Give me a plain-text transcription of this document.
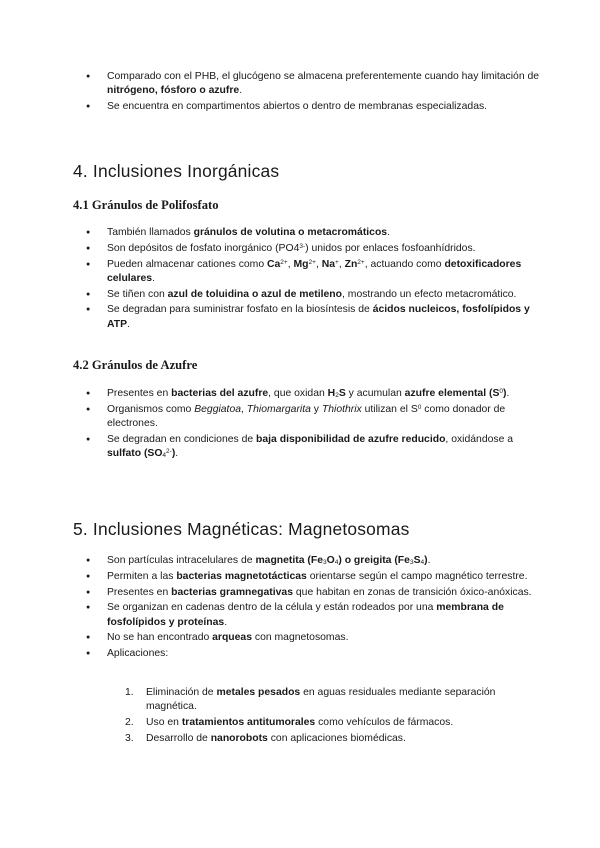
● Comparado con el PHB, el glucógeno se almacena preferentemente cuando hay limitación de nitrógeno, fósforo o azufre.
● Se encuentra en compartimentos abiertos o dentro de membranas especializadas.
4. Inclusiones Inorgánicas
4.1 Gránulos de Polifosfato
● También llamados gránulos de volutina o metacromáticos.
● Son depósitos de fosfato inorgánico $(PO4^{3-})$ unidos por enlaces fosfoanhídridos.
● Pueden almacenar cationes como $Ca^{2+}$, $Mg^{2+}$, Na+, $Zn^{2+}$, actuando como detoxificadores celulares.
● Se tiñen con azul de toluidina o azul de metileno, mostrando un efecto metacromático.
● Se degradan para suministrar fosfato en la biosíntesis de ácidos nucleicos, fosfolípidos y ATP.
4.2 Gránulos de Azufre
● Presentes en bacterias del azufre, que oxidan $H_2S$ y acumulan azufre elemental $(S^0)$.
● Organismos como Beggiatoa, Thiomargarita y Thiothrix utilizan el $S^0$ como donador de electrones.
● Se degradan en condiciones de baja disponibilidad de azufre reducido, oxidándose a sulfato $(SO_4^{2-})$.
5. Inclusiones Magnéticas: Magnetosomas
● Son partículas intracelulares de magnetita $(Fe_3O_4)$ o greigita $(Fe_3S_4)$.
● Permiten a las bacterias magnetotácticas orientarse según el campo magnético terrestre.
● Presentes en bacterias gramnegativas que habitan en zonas de transición óxico-anóxicas.
● Se organizan en cadenas dentro de la célula y están rodeados por una membrana de fosfolípidos y proteínas.
● No se han encontrado arqueas con magnetosomas.
● Aplicaciones:
1. Eliminación de metales pesados en aguas residuales mediante separación magnética.
2. Uso en tratamientos antitumorales como vehículos de fármacos.
3. Desarrollo de nanorobots con aplicaciones biomédicas.
